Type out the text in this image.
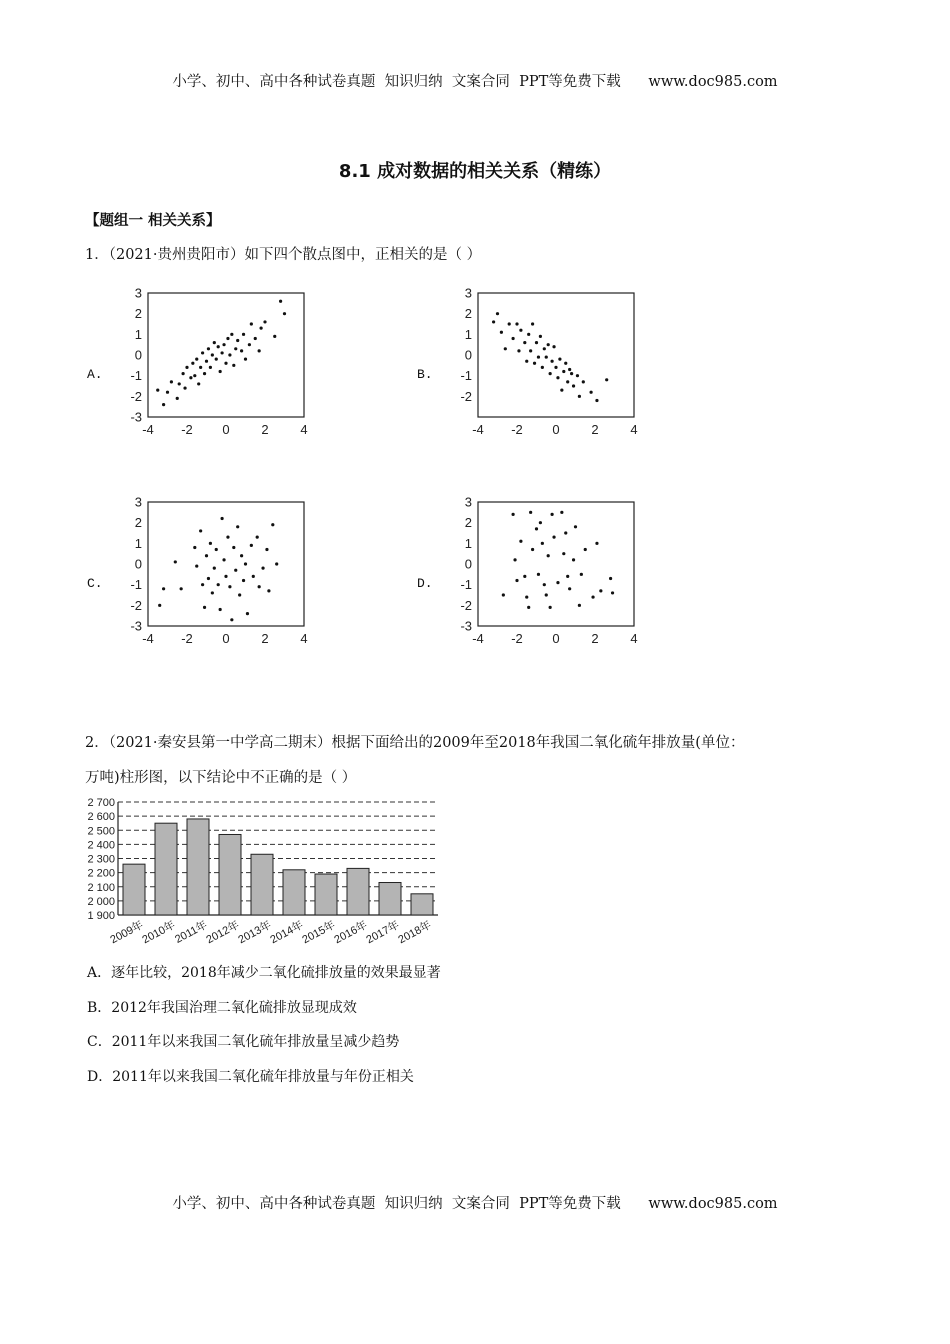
小学、初中、高中各种试卷真题  知识归纳  文案合同  PPT等免费下载      www.doc985.com
8.1 成对数据的相关关系（精练）
【题组一 相关关系】
1．（2021·贵州贵阳市）如下四个散点图中，正相关的是（ ）
A.	B.
C.	D.
3
2
1
0
-1
-2
-3
-4 -2 0 2 4
3
2
1
0
-1
-2
-4 -2 0 2 4
3
2
1
0
-1
-2
-3
-4 -2 0 2 4
3
2
1
0
-1
-2
-3
-4 -2 0 2 4
2．（2021·秦安县第一中学高二期末）根据下面给出的2009年至2018年我国二氧化硫年排放量(单位：
万吨)柱形图，以下结论中不正确的是（ ）
2 700
2 600
2 500
2 400
2 300
2 200
2 100
2 000
1 900
2009年
2010年
2011年
2012年
2013年
2014年
2015年
2016年
2017年
2018年
A．逐年比较，2018年减少二氧化硫排放量的效果最显著
B．2012年我国治理二氧化硫排放显现成效
C．2011年以来我国二氧化硫年排放量呈减少趋势
D．2011年以来我国二氧化硫年排放量与年份正相关
小学、初中、高中各种试卷真题  知识归纳  文案合同  PPT等免费下载      www.doc985.com
